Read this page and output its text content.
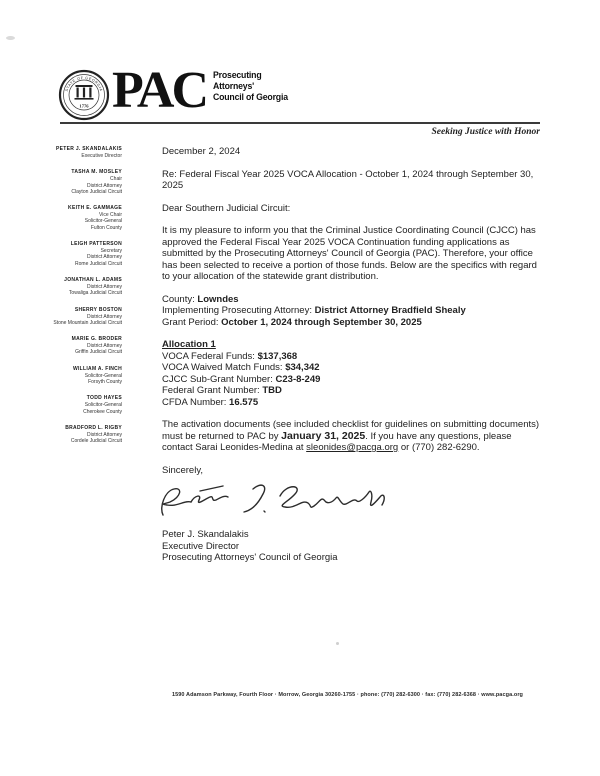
STATE OF GEORGIA
1776 PAC Prosecuting
Attorneys'
Council of Georgia
Seeking Justice with Honor
PETER J. SKANDALAKIS
Executive Director
TASHA M. MOSLEY
Chair
District Attorney
Clayton Judicial Circuit
KEITH E. GAMMAGE
Vice Chair
Solicitor-General
Fulton County
LEIGH PATTERSON
Secretary
District Attorney
Rome Judicial Circuit
JONATHAN L. ADAMS
District Attorney
Towaliga Judicial Circuit
SHERRY BOSTON
District Attorney
Stone Mountain Judicial Circuit
MARIE G. BRODER
District Attorney
Griffin Judicial Circuit
WILLIAM A. FINCH
Solicitor-General
Forsyth County
TODD HAYES
Solicitor-General
Cherokee County
BRADFORD L. RIGBY
District Attorney
Cordele Judicial Circuit

December 2, 2024

Re: Federal Fiscal Year 2025 VOCA Allocation - October 1, 2024 through September 30, 2025

Dear Southern Judicial Circuit:

It is my pleasure to inform you that the Criminal Justice Coordinating Council (CJCC) has approved the Federal Fiscal Year 2025 VOCA Continuation funding applications as submitted by the Prosecuting Attorneys' Council of Georgia (PAC). Therefore, your office has been selected to receive a portion of those funds. Below are the specifics with regard to your allocation of the statewide grant distribution.

County: Lowndes
Implementing Prosecuting Attorney: District Attorney Bradfield Shealy
Grant Period: October 1, 2024 through September 30, 2025

Allocation 1
VOCA Federal Funds: $137,368
VOCA Waived Match Funds: $34,342
CJCC Sub-Grant Number: C23-8-249
Federal Grant Number: TBD
CFDA Number: 16.575

The activation documents (see included checklist for guidelines on submitting documents) must be returned to PAC by January 31, 2025. If you have any questions, please contact Sarai Leonides-Medina at sleonides@pacga.org or (770) 282-6290.

Sincerely,

Peter J. Skandalakis
Executive Director
Prosecuting Attorneys' Council of Georgia

1590 Adamson Parkway, Fourth Floor · Morrow, Georgia 30260-1755 · phone: (770) 282-6300 · fax: (770) 282-6368 · www.pacga.org
